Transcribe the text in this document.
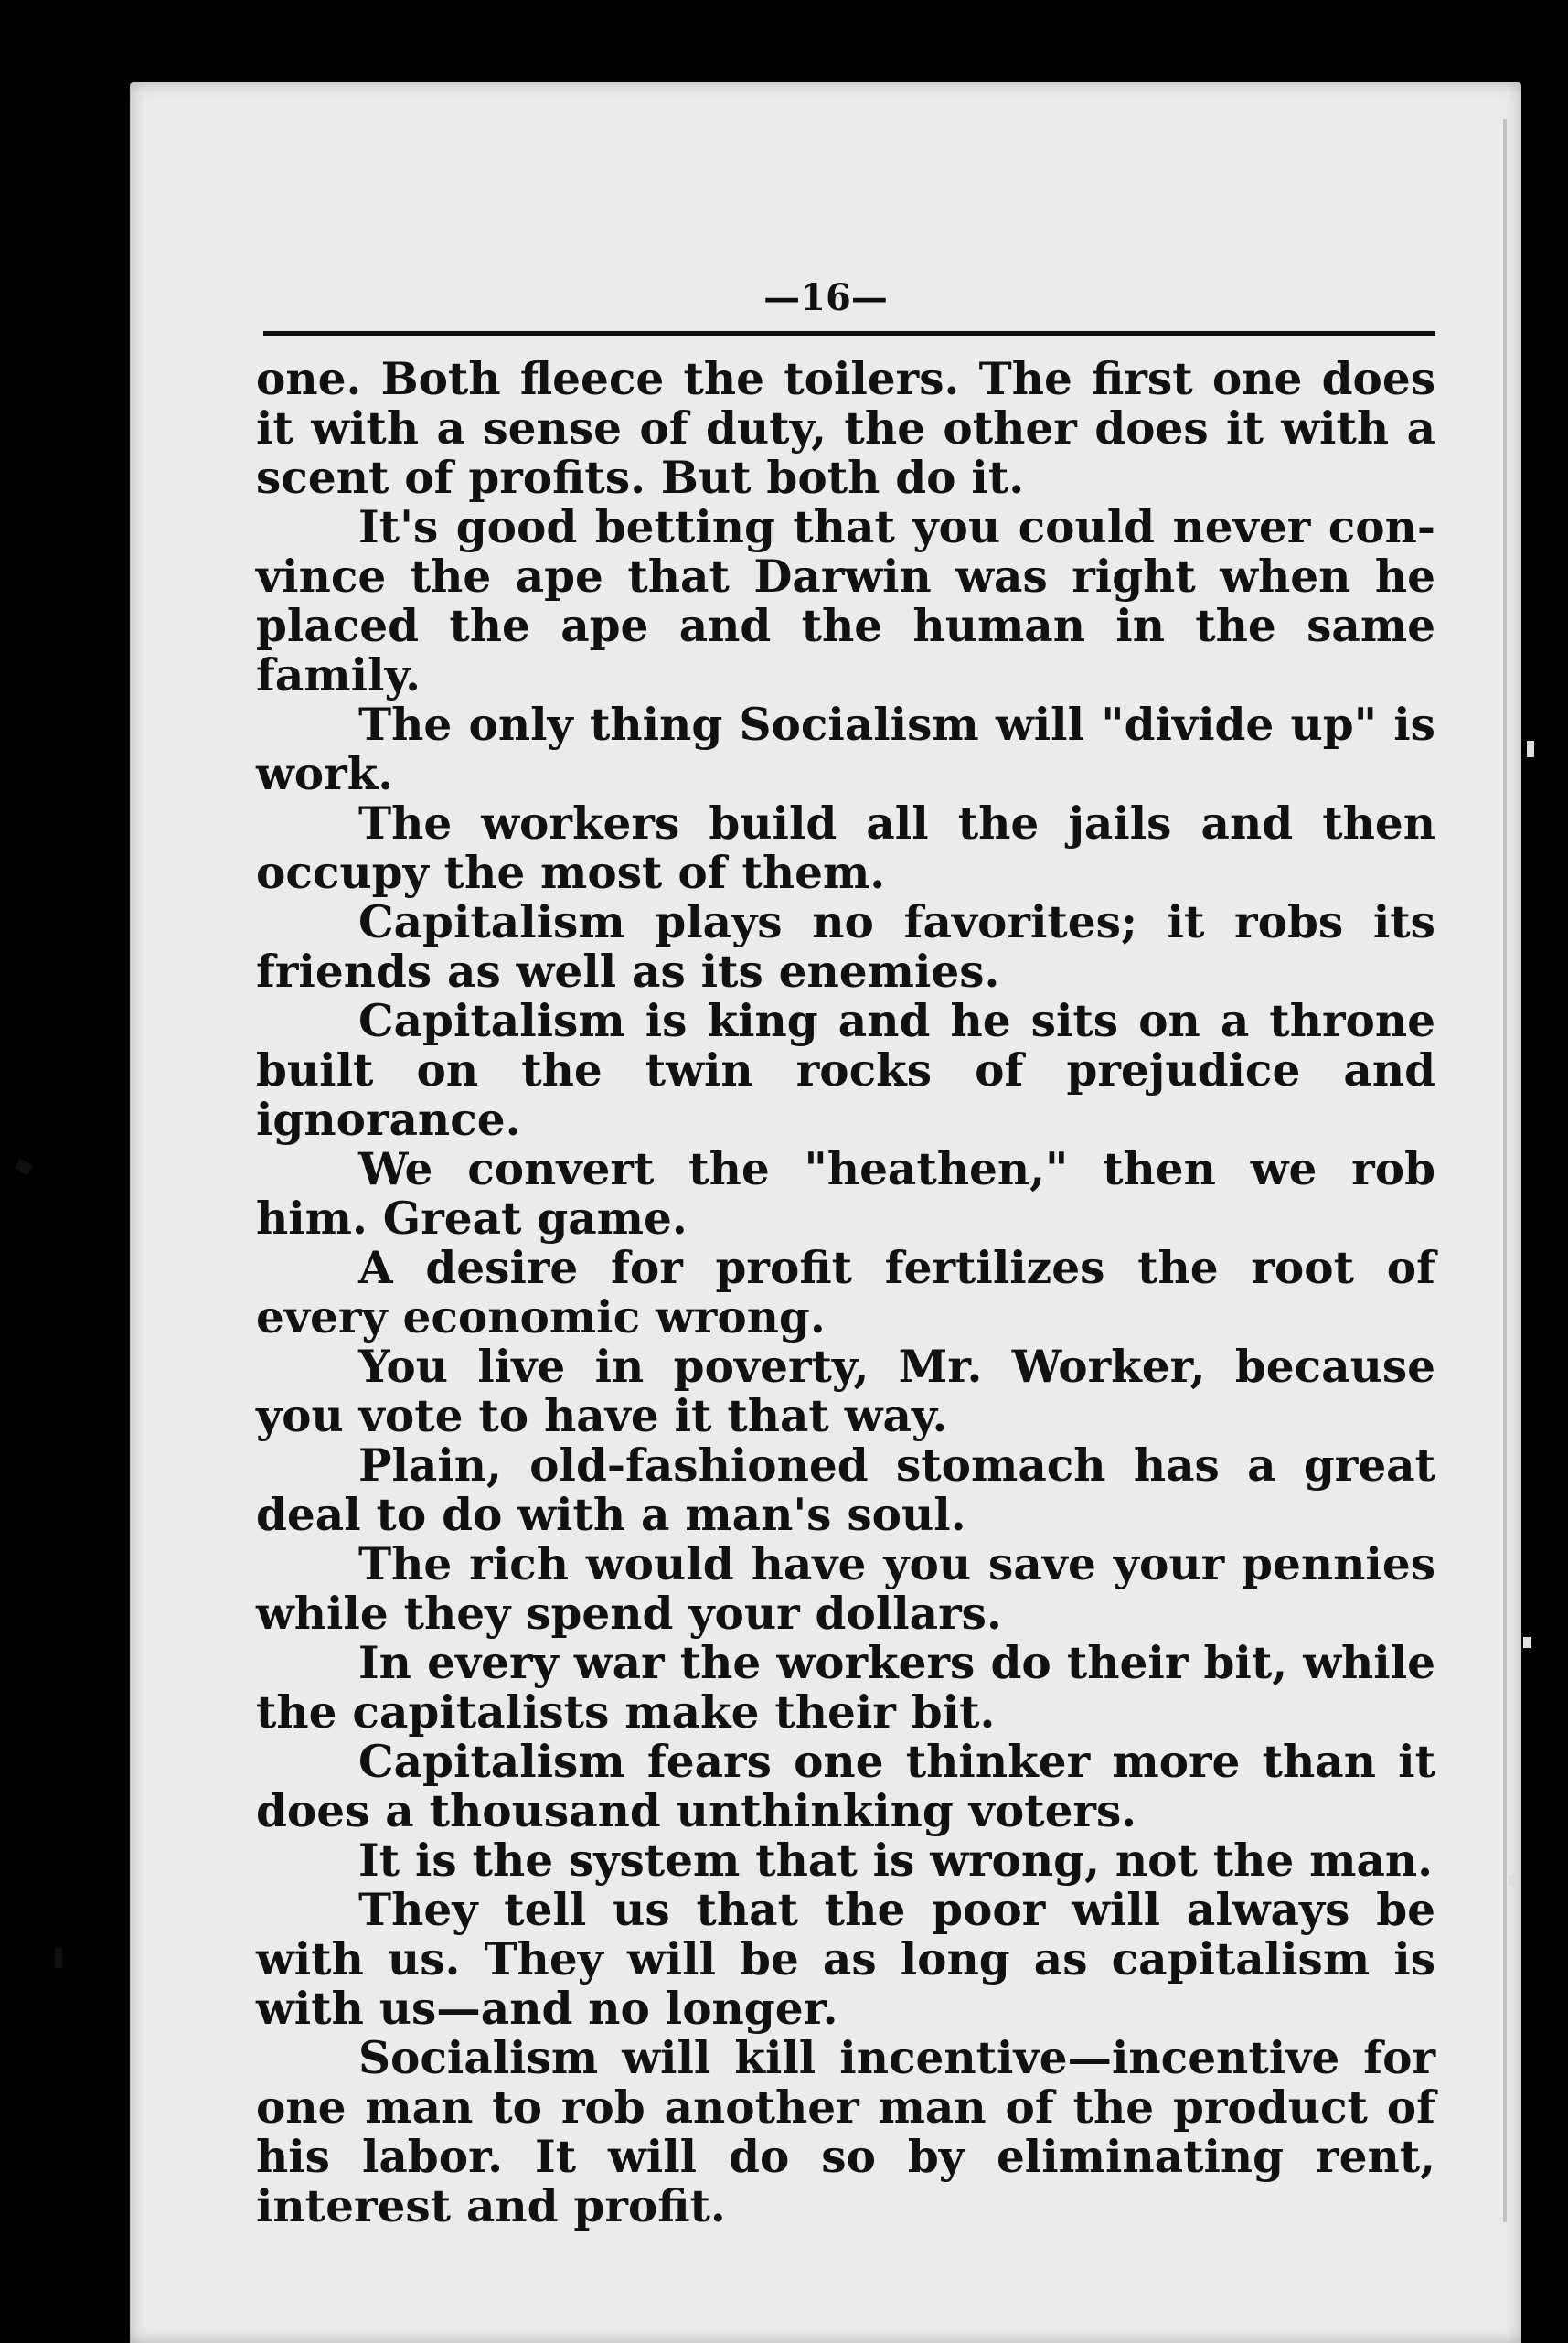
—16—

one. Both fleece the toilers. The first one does it with a sense of duty, the other does it with a scent of profits. But both do it.

It's good betting that you could never con-vince the ape that Darwin was right when he placed the ape and the human in the same family.

The only thing Socialism will "divide up" is work.

The workers build all the jails and then occupy the most of them.

Capitalism plays no favorites; it robs its friends as well as its enemies.

Capitalism is king and he sits on a throne built on the twin rocks of prejudice and ignorance.

We convert the "heathen," then we rob him. Great game.

A desire for profit fertilizes the root of every economic wrong.

You live in poverty, Mr. Worker, because you vote to have it that way.

Plain, old-fashioned stomach has a great deal to do with a man's soul.

The rich would have you save your pennies while they spend your dollars.

In every war the workers do their bit, while the capitalists make their bit.

Capitalism fears one thinker more than it does a thousand unthinking voters.

It is the system that is wrong, not the man.

They tell us that the poor will always be with us. They will be as long as capitalism is with us—and no longer.

Socialism will kill incentive—incentive for one man to rob another man of the product of his labor. It will do so by eliminating rent, interest and profit.
